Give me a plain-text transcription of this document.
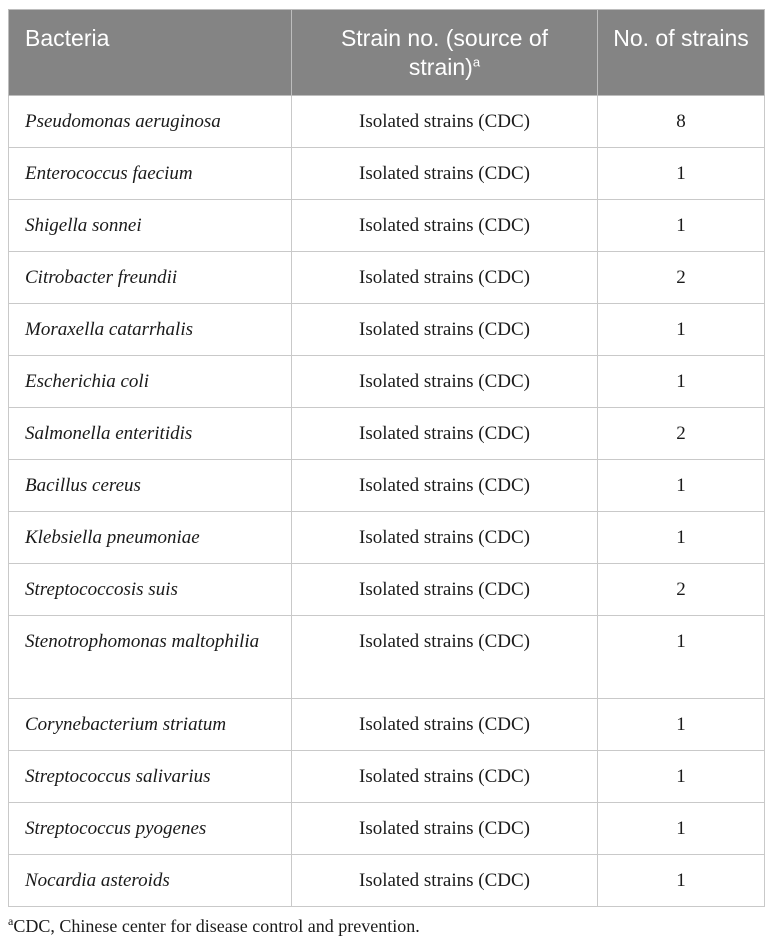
Bacteria	Strain no. (source of strain)$^a$	No. of strains
Pseudomonas aeruginosa	Isolated strains (CDC)	8
Enterococcus faecium	Isolated strains (CDC)	1
Shigella sonnei	Isolated strains (CDC)	1
Citrobacter freundii	Isolated strains (CDC)	2
Moraxella catarrhalis	Isolated strains (CDC)	1
Escherichia coli	Isolated strains (CDC)	1
Salmonella enteritidis	Isolated strains (CDC)	2
Bacillus cereus	Isolated strains (CDC)	1
Klebsiella pneumoniae	Isolated strains (CDC)	1
Streptococcosis suis	Isolated strains (CDC)	2
Stenotrophomonas maltophilia	Isolated strains (CDC)	1
Corynebacterium striatum	Isolated strains (CDC)	1
Streptococcus salivarius	Isolated strains (CDC)	1
Streptococcus pyogenes	Isolated strains (CDC)	1
Nocardia asteroids	Isolated strains (CDC)	1
$^a$CDC, Chinese center for disease control and prevention.
